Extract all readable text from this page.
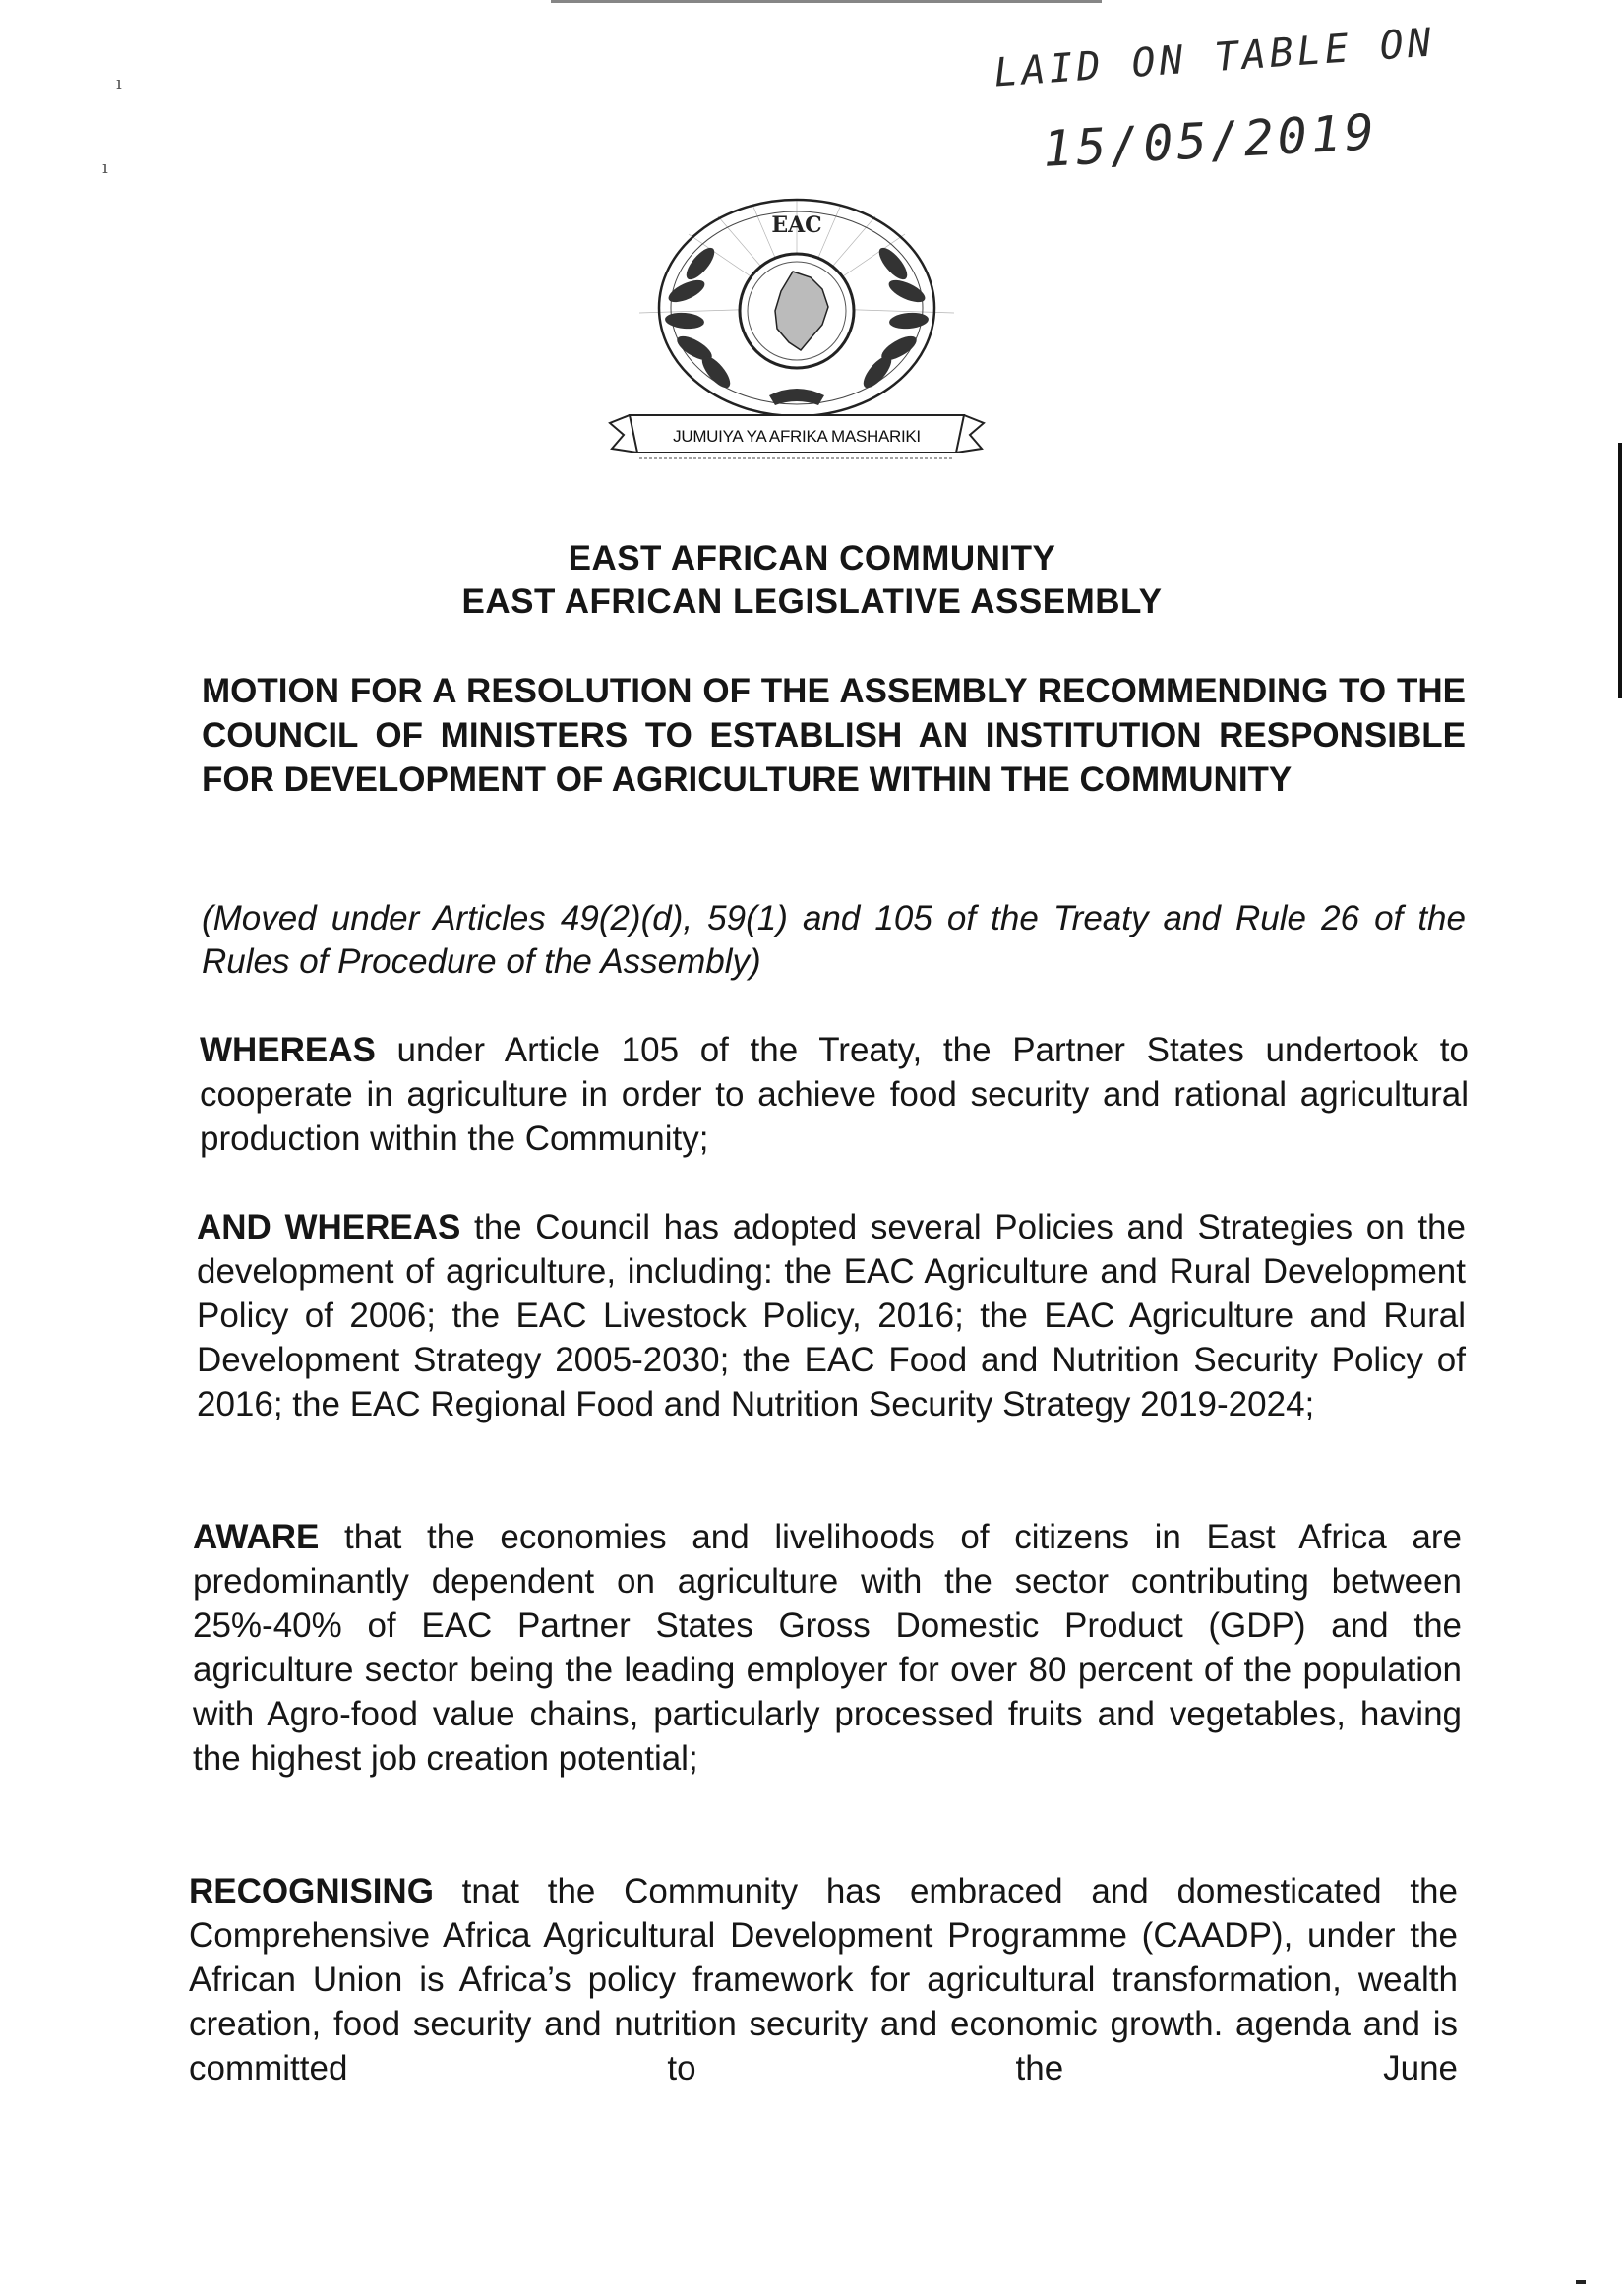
ı
ı

LAID ON TABLE ON

15/05/2019

EAC
JUMUIYA YA AFRIKA MASHARIKI
EAST AFRICAN COMMUNITY
EAST AFRICAN LEGISLATIVE ASSEMBLY

MOTION FOR A RESOLUTION OF THE ASSEMBLY RECOMMENDING TO THE COUNCIL OF MINISTERS TO ESTABLISH AN INSTITUTION RESPONSIBLE FOR DEVELOPMENT OF AGRICULTURE WITHIN THE COMMUNITY

(Moved under Articles 49(2)(d), 59(1) and 105 of the Treaty and Rule 26 of the Rules of Procedure of the Assembly)

WHEREAS under Article 105 of the Treaty, the Partner States undertook to cooperate in agriculture in order to achieve food security and rational agricultural production within the Community;

AND WHEREAS the Council has adopted several Policies and Strategies on the development of agriculture, including: the EAC Agriculture and Rural Development Policy of 2006; the EAC Livestock Policy, 2016; the EAC Agriculture and Rural Development Strategy 2005-2030; the EAC Food and Nutrition Security Policy of 2016; the EAC Regional Food and Nutrition Security Strategy 2019-2024;

AWARE that the economies and livelihoods of citizens in East Africa are predominantly dependent on agriculture with the sector contributing between 25%-40% of EAC Partner States Gross Domestic Product (GDP) and the agriculture sector being the leading employer for over 80 percent of the population with Agro-food value chains, particularly processed fruits and vegetables, having the highest job creation potential;

RECOGNISING tnat the Community has embraced and domesticated the Comprehensive Africa Agricultural Development Programme (CAADP), under the African Union is Africa’s policy framework for agricultural transformation, wealth creation, food security and nutrition security and economic growth. agenda and is committed to the June
